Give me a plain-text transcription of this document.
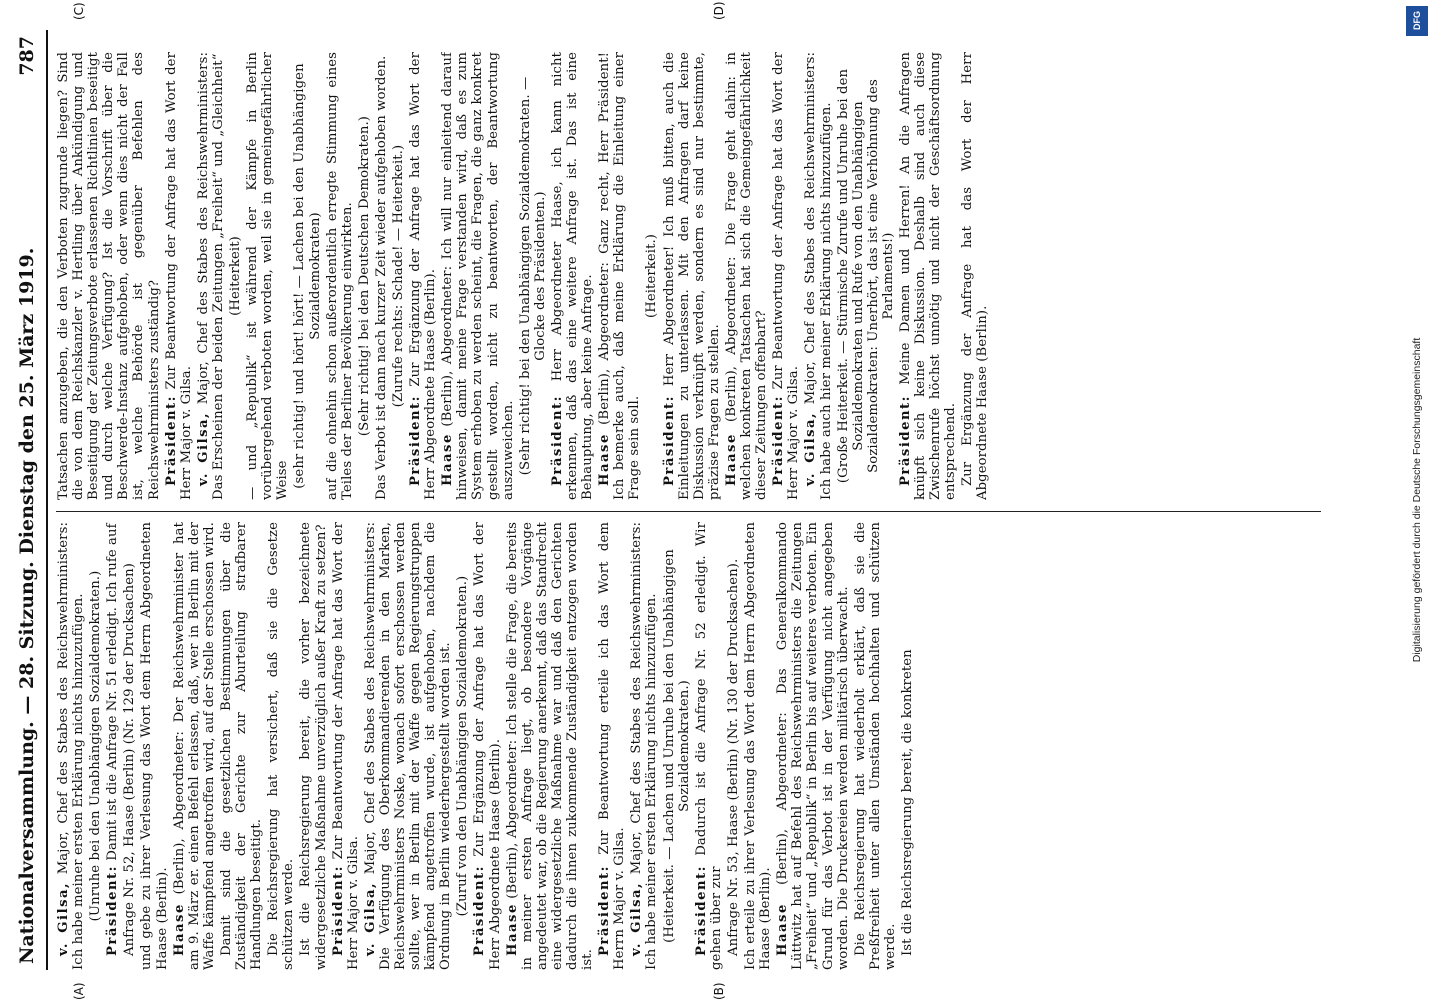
Nationalversammlung. — 28. Sitzung. Dienstag den 25. März 1919.
787

v. Gilsa, Major, Chef des Stabes des Reichswehrministers: Ich habe meiner ersten Erklärung nichts hinzuzufügen. (Unruhe bei den Unabhängigen Sozialdemokraten.) Präsident: Damit ist die Anfrage Nr. 51 erledigt. Ich rufe auf Anfrage Nr. 52, Haase (Berlin) (Nr. 129 der Drucksachen) und gebe zu ihrer Verlesung das Wort dem Herrn Abgeordneten Haase (Berlin). Haase (Berlin), Abgeordneter: Der Reichswehrminister hat am 9. März er. einen Befehl erlassen, daß, wer in Berlin mit der Waffe kämpfend angetroffen wird, auf der Stelle erschossen wird. Damit sind die gesetzlichen Bestimmungen über die Zuständigkeit der Gerichte zur Aburteilung strafbarer Handlungen beseitigt. Die Reichsregierung hat versichert, daß sie die Gesetze schützen werde. Ist die Reichsregierung bereit, die vorher bezeichnete widergesetzliche Maßnahme unverzüglich außer Kraft zu setzen? Präsident: Zur Beantwortung der Anfrage hat das Wort der Herr Major v. Gilsa. v. Gilsa, Major, Chef des Stabes des Reichswehrministers: Die Verfügung des Oberkommandierenden in den Marken, Reichswehrministers Noske, wonach sofort erschossen werden sollte, wer in Berlin mit der Waffe gegen Regierungstruppen kämpfend angetroffen wurde, ist aufgehoben, nachdem die Ordnung in Berlin wiederhergestellt worden ist. (Zuruf von den Unabhängigen Sozialdemokraten.) Präsident: Zur Ergänzung der Anfrage hat das Wort der Herr Abgeordnete Haase (Berlin). Haase (Berlin), Abgeordneter: Ich stelle die Frage, die bereits in meiner ersten Anfrage liegt, ob besondere Vorgänge angedeutet war, ob die Regierung anerkennt, daß das Standrecht eine widergesetzliche Maßnahme war und daß den Gerichten dadurch die ihnen zukommende Zuständigkeit entzogen worden ist.

Präsident: Zur Beantwortung erteile ich das Wort dem Herrn Major v. Gilsa. v. Gilsa, Major, Chef des Stabes des Reichswehrministers: Ich habe meiner ersten Erklärung nichts hinzuzufügen. (Heiterkeit. — Lachen und Unruhe bei den Unabhängigen Sozialdemokraten.)

Präsident: Dadurch ist die Anfrage Nr. 52 erledigt. Wir gehen über zur Anfrage Nr. 53, Haase (Berlin) (Nr. 130 der Drucksachen). Ich erteile zu ihrer Verlesung das Wort dem Herrn Abgeordneten Haase (Berlin). Haase (Berlin), Abgeordneter: Das Generalkommando Lüttwitz hat auf Befehl des Reichswehrministers die Zeitungen „Freiheit“ und „Republik“ in Berlin bis auf weiteres verboten. Ein Grund für das Verbot ist in der Verfügung nicht angegeben worden. Die Druckereien werden militärisch überwacht. Die Reichsregierung hat wiederholt erklärt, daß sie die Preßfreiheit unter allen Umständen hochhalten und schützen werde. Ist die Reichsregierung bereit, die konkreten

Tatsachen anzugeben, die den Verboten zugrunde liegen? Sind die von dem Reichskanzler v. Hertling über Ankündigung und Beseitigung der Zeitungsverbote erlassenen Richtlinien beseitigt und durch welche Verfügung? Ist die Vorschrift über die Beschwerde-Instanz aufgehoben, oder wenn dies nicht der Fall ist, welche Behörde ist gegenüber Befehlen des Reichswehrministers zuständig? Präsident: Zur Beantwortung der Anfrage hat das Wort der Herr Major v. Gilsa. v. Gilsa, Major, Chef des Stabes des Reichswehrministers: Das Erscheinen der beiden Zeitungen „Freiheit“ und „Gleichheit“ (Heiterkeit) — und „Republik“ ist während der Kämpfe in Berlin vorübergehend verboten worden, weil sie in gemeingefährlicher Weise (sehr richtig! und hört! hört! — Lachen bei den Unabhängigen Sozialdemokraten) auf die ohnehin schon außerordentlich erregte Stimmung eines Teiles der Berliner Bevölkerung einwirkten. (Sehr richtig! bei den Deutschen Demokraten.) Das Verbot ist dann nach kurzer Zeit wieder aufgehoben worden. (Zurufe rechts: Schade! — Heiterkeit.)

Präsident: Zur Ergänzung der Anfrage hat das Wort der Herr Abgeordnete Haase (Berlin). Haase (Berlin), Abgeordneter: Ich will nur einleitend darauf hinweisen, damit meine Frage verstanden wird, daß es zum System erhoben zu werden scheint, die Fragen, die ganz konkret gestellt worden, nicht zu beantworten, der Beantwortung auszuweichen. (Sehr richtig! bei den Unabhängigen Sozialdemokraten. — Glocke des Präsidenten.)

Präsident: Herr Abgeordneter Haase, ich kann nicht erkennen, daß das eine weitere Anfrage ist. Das ist eine Behauptung, aber keine Anfrage. Haase (Berlin), Abgeordneter: Ganz recht, Herr Präsident! Ich bemerke auch, daß meine Erklärung die Einleitung einer Frage sein soll.

(Heiterkeit.)

Präsident: Herr Abgeordneter! Ich muß bitten, auch die Einleitungen zu unterlassen. Mit den Anfragen darf keine Diskussion verknüpft werden, sondern es sind nur bestimmte, präzise Fragen zu stellen. Haase (Berlin), Abgeordneter: Die Frage geht dahin: in welchen konkreten Tatsachen hat sich die Gemeingefährlichkeit dieser Zeitungen offenbart? Präsident: Zur Beantwortung der Anfrage hat das Wort der Herr Major v. Gilsa. v. Gilsa, Major, Chef des Stabes des Reichswehrministers: Ich habe auch hier meiner Erklärung nichts hinzuzufügen. (Große Heiterkeit. — Stürmische Zurufe und Unruhe bei den Sozialdemokraten und Rufe von den Unabhängigen Sozialdemokraten: Unerhört, das ist eine Verhöhnung des Parlaments!)

Präsident: Meine Damen und Herren! An die Anfragen knüpft sich keine Diskussion. Deshalb sind auch diese Zwischenrufe höchst unnötig und nicht der Geschäftsordnung entsprechend. Zur Ergänzung der Anfrage hat das Wort der Herr Abgeordnete Haase (Berlin).

(A)	(B)
(C)	(D)
DFG
Digitalisierung gefördert durch die Deutsche Forschungsgemeinschaft
